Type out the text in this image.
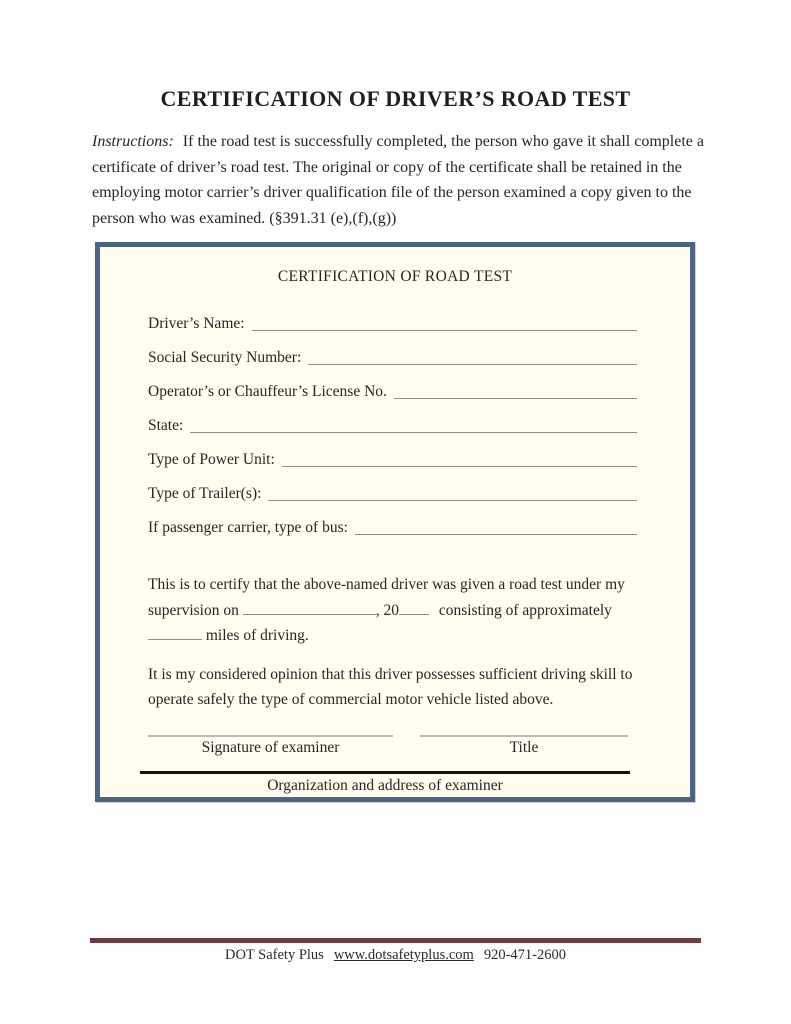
CERTIFICATION OF DRIVER’S ROAD TEST

Instructions: If the road test is successfully completed, the person who gave it shall complete a certificate of driver’s road test. The original or copy of the certificate shall be retained in the employing motor carrier’s driver qualification file of the person examined a copy given to the person who was examined. (§391.31 (e),(f),(g))

CERTIFICATION OF ROAD TEST
Driver’s Name:
Social Security Number:
Operator’s or Chauffeur’s License No.
State:
Type of Power Unit:
Type of Trailer(s):
If passenger carrier, type of bus:

This is to certify that the above-named driver was given a road test under my supervision on	, 20	consisting of approximately  miles of driving.

It is my considered opinion that this driver possesses sufficient driving skill to operate safely the type of commercial motor vehicle listed above.

Signature of examiner	Title
Organization and address of examiner
DOT Safety Plus www.dotsafetyplus.com 920-471-2600
